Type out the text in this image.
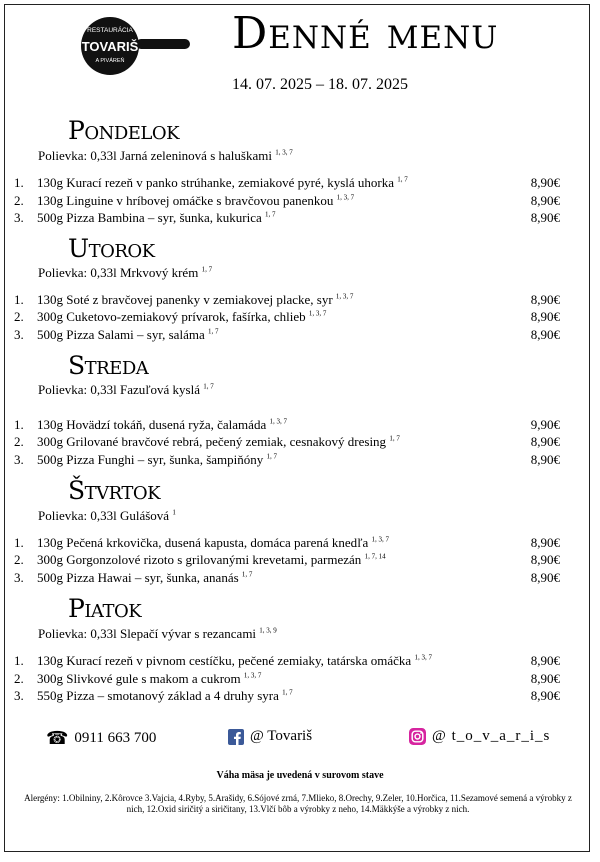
RESTAURÁCIA
TOVARIŠ
A PIVÁREŇ
Denné menu
14. 07. 2025 – 18. 07. 2025
Pondelok
Polievka: 0,33l Jarná zeleninová s haluškami $^{1, 3, 7}$
1. 130g Kurací rezeň v panko strúhanke, zemiakové pyré, kyslá uhorka $^{1, 7}$	8,90€
2. 130g Linguine v hríbovej omáčke s bravčovou panenkou $^{1, 3, 7}$	8,90€
3. 500g Pizza Bambina – syr, šunka, kukurica $^{1, 7}$	8,90€
Utorok
Polievka: 0,33l Mrkvový krém $^{1, 7}$
1. 130g Soté z bravčovej panenky v zemiakovej placke, syr $^{1, 3, 7}$	8,90€
2. 300g Cuketovo-zemiakový prívarok, fašírka, chlieb $^{1, 3, 7}$	8,90€
3. 500g Pizza Salami – syr, saláma $^{1, 7}$	8,90€
Streda
Polievka: 0,33l Fazuľová kyslá $^{1, 7}$
1. 130g Hovädzí tokáň, dusená ryža, čalamáda $^{1, 3, 7}$	9,90€
2. 300g Grilované bravčové rebrá, pečený zemiak, cesnakový dresing $^{1, 7}$	8,90€
3. 500g Pizza Funghi – syr, šunka, šampiňóny $^{1, 7}$	8,90€
Štvrtok
Polievka: 0,33l Gulášová $^1$
1. 130g Pečená krkovička, dusená kapusta, domáca parená knedľa $^{1, 3, 7}$	8,90€
2. 300g Gorgonzolové rizoto s grilovanými krevetami, parmezán $^{1, 7, 14}$	8,90€
3. 500g Pizza Hawai – syr, šunka, ananás $^{1, 7}$	8,90€
Piatok
Polievka: 0,33l Slepačí vývar s rezancami $^{1, 3, 9}$
1. 130g Kurací rezeň v pivnom cestíčku, pečené zemiaky, tatárska omáčka $^{1, 3, 7}$	8,90€
2. 300g Slivkové gule s makom a cukrom $^{1, 3, 7}$	8,90€
3. 550g Pizza – smotanový základ a 4 druhy syra $^{1, 7}$	8,90€
☎ 0911 663 700	@ Tovariš	@ t_o_v_a_r_i_s
Váha mäsa je uvedená v surovom stave
Alergény: 1.Obilniny, 2.Kôrovce 3.Vajcia, 4.Ryby, 5.Arašidy, 6.Sójové zrná, 7.Mlieko, 8.Orechy, 9.Zeler, 10.Horčica, 11.Sezamové semená a výrobky z nich, 12.Oxid siričitý a siričitany, 13.Vlčí bôb a výrobky z neho, 14.Mäkkýše a výrobky z nich.
